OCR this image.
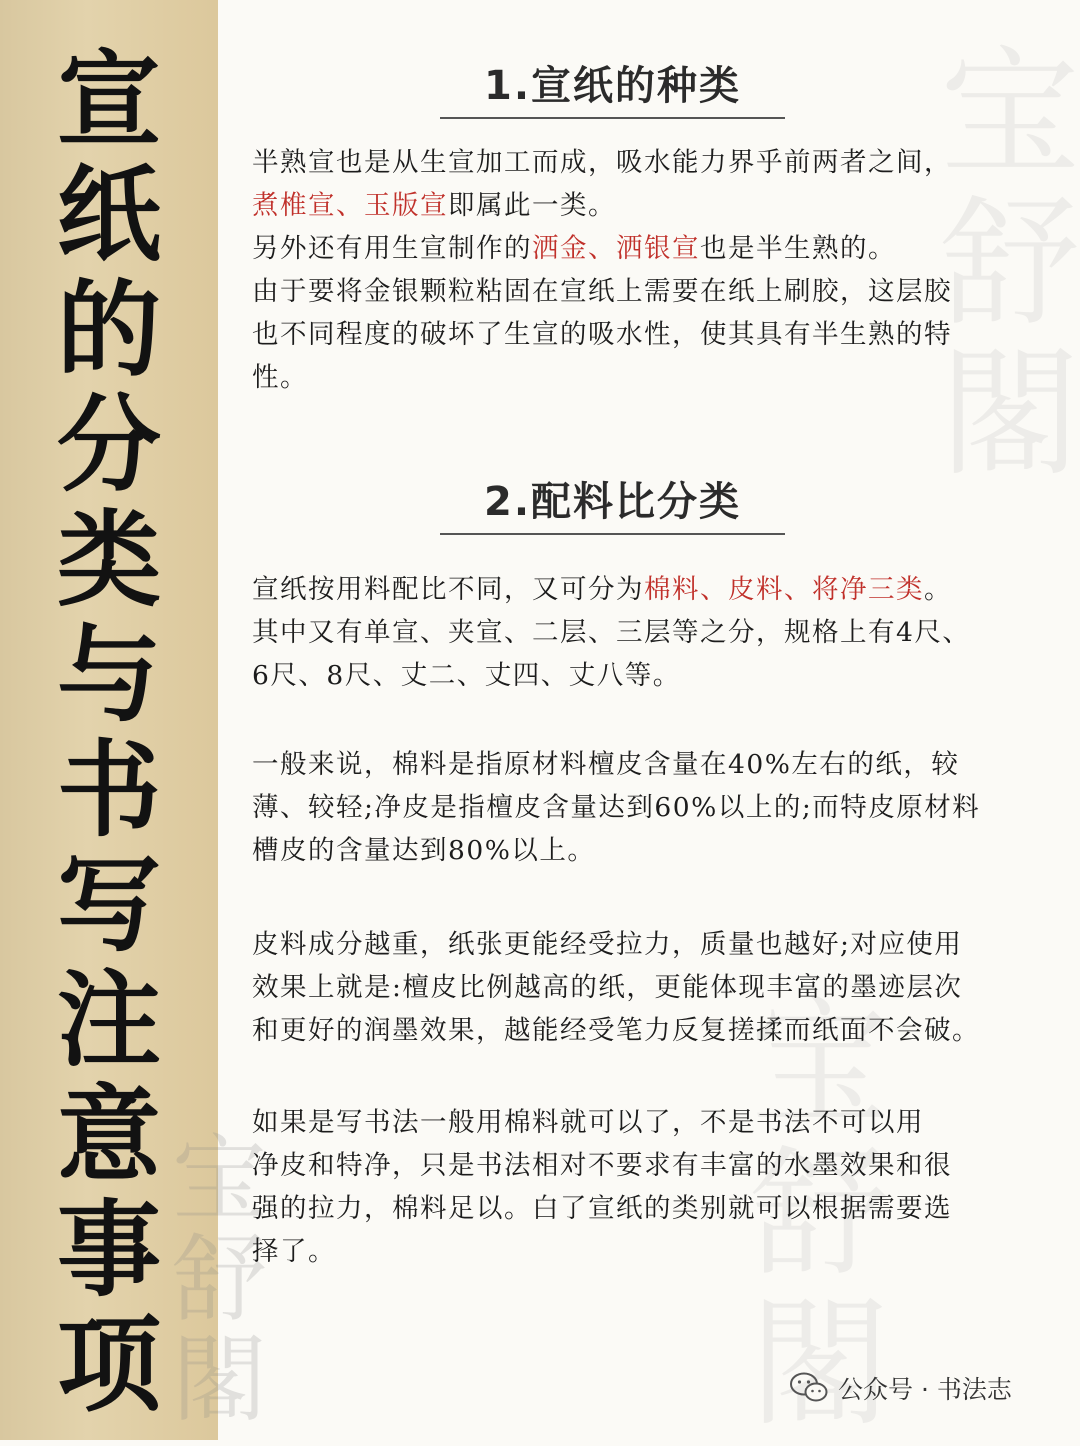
宣
纸
的
分
类
与
书
写
注
意
事
项
宝
舒
閣
宝
舒
閣
宝
舒
閣
1.宣纸的种类

半熟宣也是从生宣加工而成，吸水能力界乎前两者之间，
煮椎宣、玉版宣即属此一类。
另外还有用生宣制作的洒金、洒银宣也是半生熟的。
由于要将金银颗粒粘固在宣纸上需要在纸上刷胶，这层胶
也不同程度的破坏了生宣的吸水性，使其具有半生熟的特
性。

2.配料比分类

宣纸按用料配比不同，又可分为棉料、皮料、将净三类。
其中又有单宣、夹宣、二层、三层等之分，规格上有4尺、
6尺、8尺、丈二、丈四、丈八等。

一般来说，棉料是指原材料檀皮含量在40%左右的纸，较
薄、较轻;净皮是指檀皮含量达到60%以上的;而特皮原材料
槽皮的含量达到80%以上。

皮料成分越重，纸张更能经受拉力，质量也越好;对应使用
效果上就是:檀皮比例越高的纸，更能体现丰富的墨迹层次
和更好的润墨效果，越能经受笔力反复搓揉而纸面不会破。

如果是写书法一般用棉料就可以了，不是书法不可以用
净皮和特净，只是书法相对不要求有丰富的水墨效果和很
强的拉力，棉料足以。白了宣纸的类别就可以根据需要选
择了。

公众号 · 书法志
